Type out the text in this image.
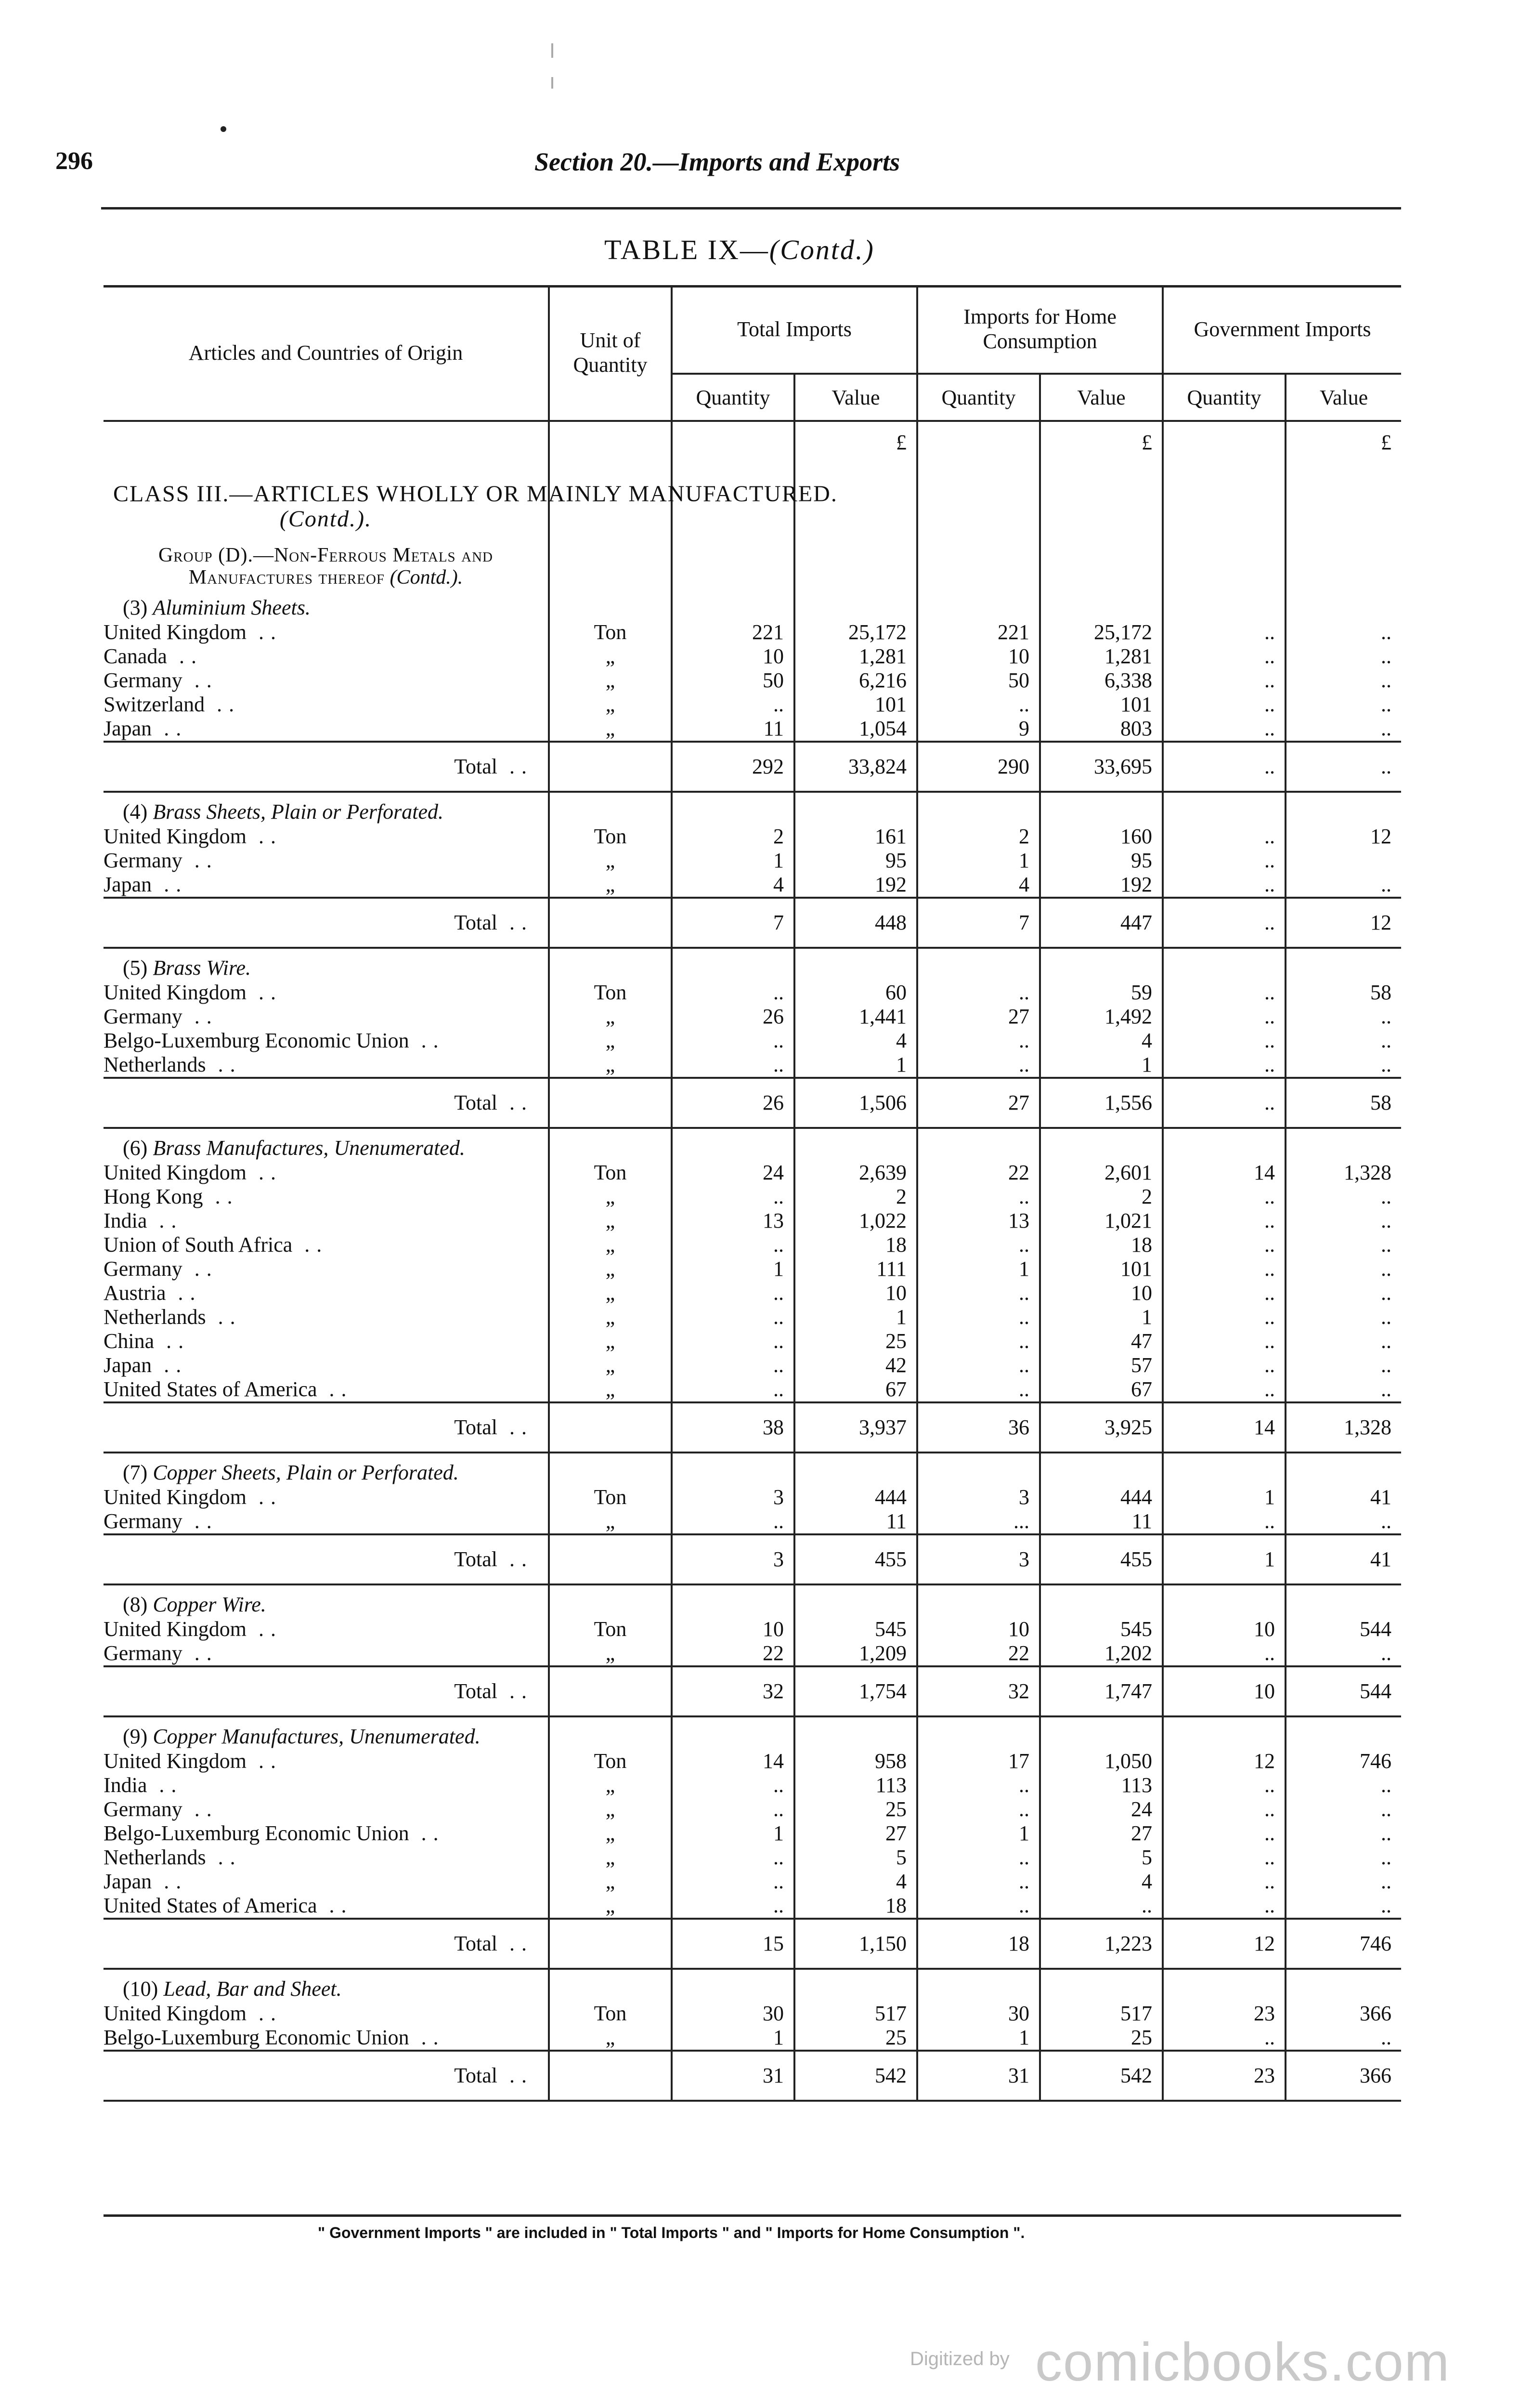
296	Section 20.—Imports and Exports
TABLE IX—(Contd.)
Articles and Countries of Origin	Unit of Quantity	Total Imports		Imports for Home Consumption		Government Imports	
		Quantity	Value	Quantity	Value	Quantity	Value
			£		£		£

CLASS III.—ARTICLES WHOLLY OR MAINLY MANUFACTURED.
(Contd.).							

Group (D).—Non-Ferrous Metals and Manufactures thereof (Contd.).							
(3) Aluminium Sheets.							
United Kingdom ..	Ton	221	25,172	221	25,172	..	..
Canada ..	„	10	1,281	10	1,281	..	..
Germany ..	„	50	6,216	50	6,338	..	..
Switzerland ..	„	..	101	..	101	..	..
Japan ..	„	11	1,054	9	803	..	..
Total ..		292	33,824	290	33,695	..	..
(4) Brass Sheets, Plain or Perforated.							
United Kingdom ..	Ton	2	161	2	160	..	12
Germany ..	„	1	95	1	95	..	
Japan ..	„	4	192	4	192	..	..
Total ..		7	448	7	447	..	12
(5) Brass Wire.							
United Kingdom ..	Ton	..	60	..	59	..	58
Germany ..	„	26	1,441	27	1,492	..	..
Belgo-Luxemburg Economic Union ..	„	..	4	..	4	..	..
Netherlands ..	„	..	1	..	1	..	..
Total ..		26	1,506	27	1,556	..	58
(6) Brass Manufactures, Unenumerated.							
United Kingdom ..	Ton	24	2,639	22	2,601	14	1,328
Hong Kong ..	„	..	2	..	2	..	..
India ..	„	13	1,022	13	1,021	..	..
Union of South Africa ..	„	..	18	..	18	..	..
Germany ..	„	1	111	1	101	..	..
Austria ..	„	..	10	..	10	..	..
Netherlands ..	„	..	1	..	1	..	..
China ..	„	..	25	..	47	..	..
Japan ..	„	..	42	..	57	..	..
United States of America ..	„	..	67	..	67	..	..
Total ..		38	3,937	36	3,925	14	1,328
(7) Copper Sheets, Plain or Perforated.							
United Kingdom ..	Ton	3	444	3	444	1	41
Germany ..	„	..	11	...	11	..	..
Total ..		3	455	3	455	1	41
(8) Copper Wire.							
United Kingdom ..	Ton	10	545	10	545	10	544
Germany ..	„	22	1,209	22	1,202	..	..
Total ..		32	1,754	32	1,747	10	544
(9) Copper Manufactures, Unenumerated.							
United Kingdom ..	Ton	14	958	17	1,050	12	746
India ..	„	..	113	..	113	..	..
Germany ..	„	..	25	..	24	..	..
Belgo-Luxemburg Economic Union ..	„	1	27	1	27	..	..
Netherlands ..	„	..	5	..	5	..	..
Japan ..	„	..	4	..	4	..	..
United States of America ..	„	..	18	..	..	..	..
Total ..		15	1,150	18	1,223	12	746
(10) Lead, Bar and Sheet.							
United Kingdom ..	Ton	30	517	30	517	23	366
Belgo-Luxemburg Economic Union ..	„	1	25	1	25	..	..
Total ..		31	542	31	542	23	366
" Government Imports " are included in " Total Imports " and " Imports for Home Consumption ".
Digitized by comicbooks.com
